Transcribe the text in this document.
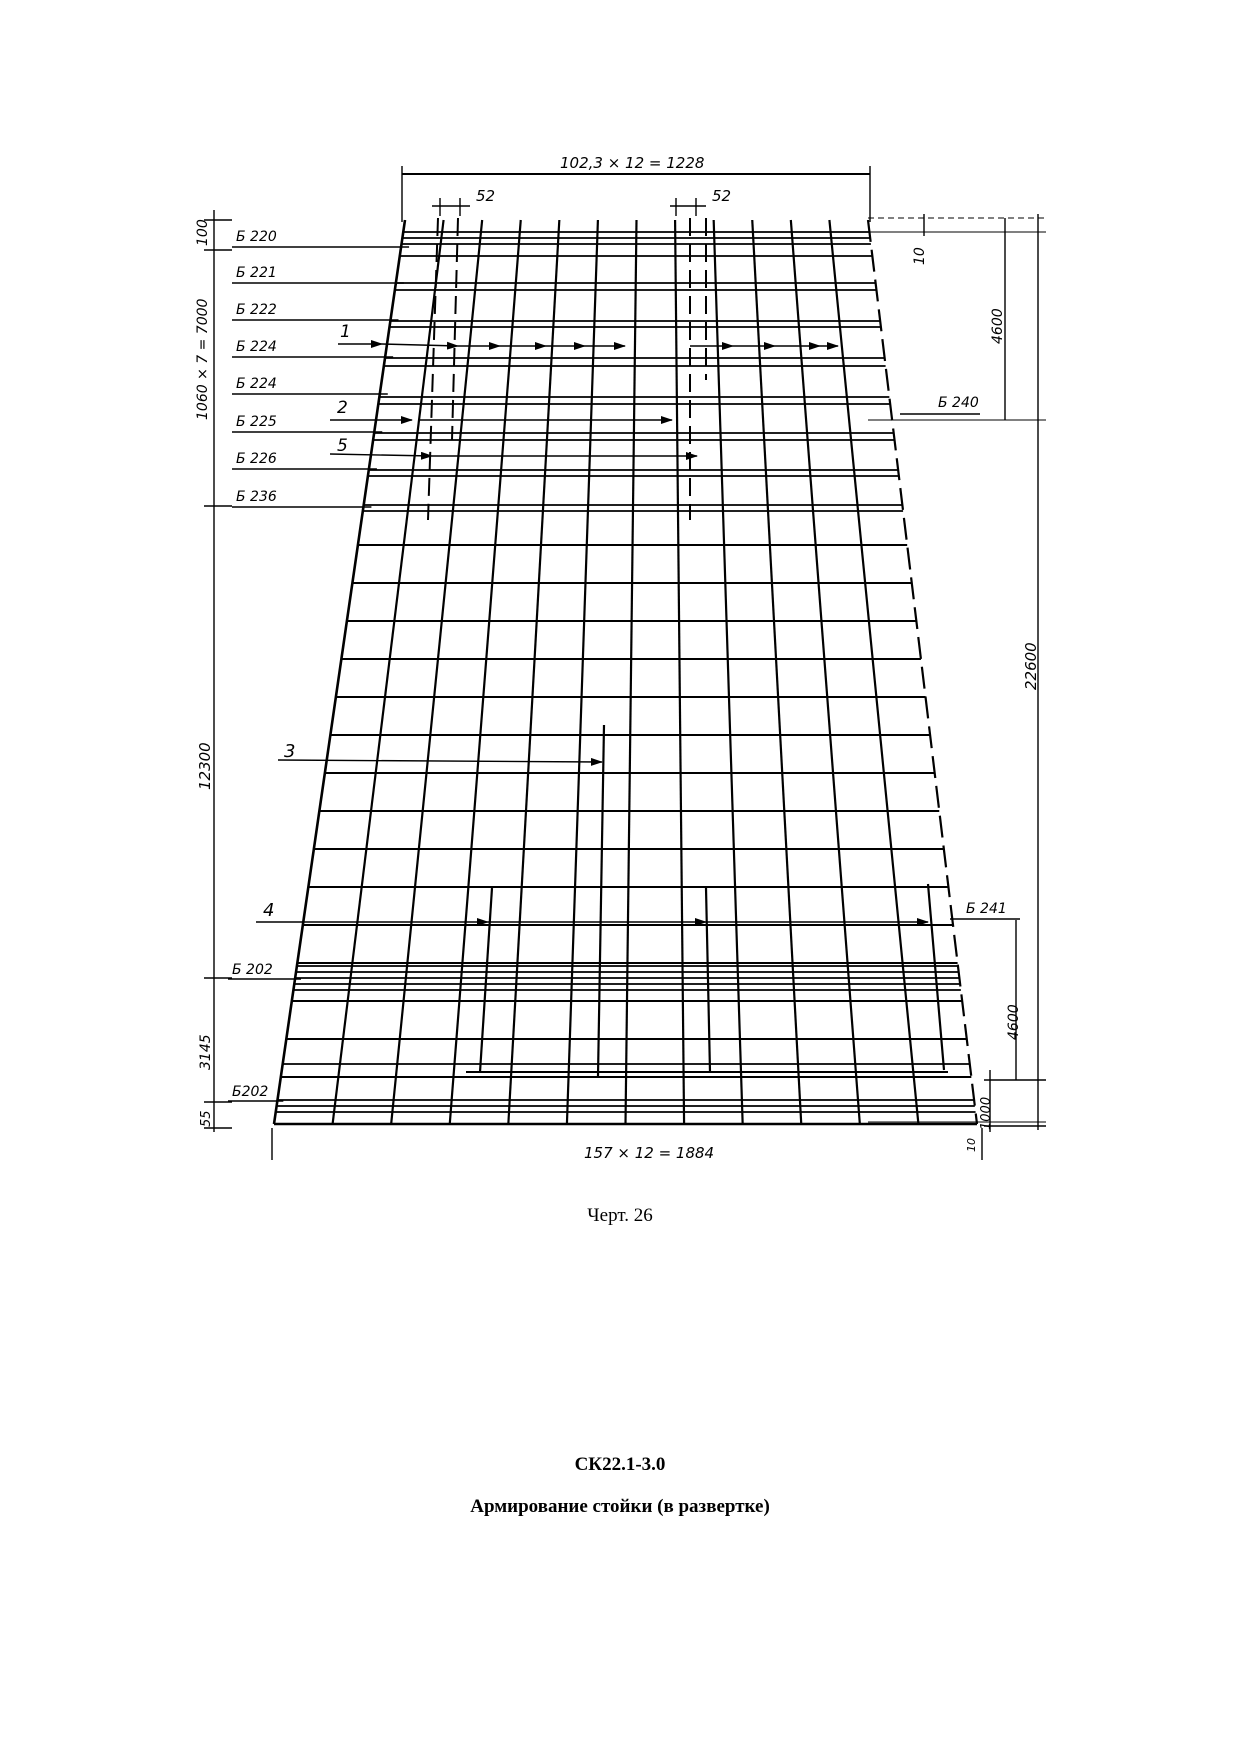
102,3 × 12 = 1228
52	52
157 × 12 = 1884
100
1060 × 7 = 7000
12300
3145
55
10
4600
22600
4600
1000
10
Б 220
Б 221
Б 222
Б 224
Б 224
Б 225
Б 226
Б 236
Б 202
Б202
Б 240
Б 241
1
2
5
3
4
Черт. 26
СК22.1-3.0
Армирование стойки (в развертке)
